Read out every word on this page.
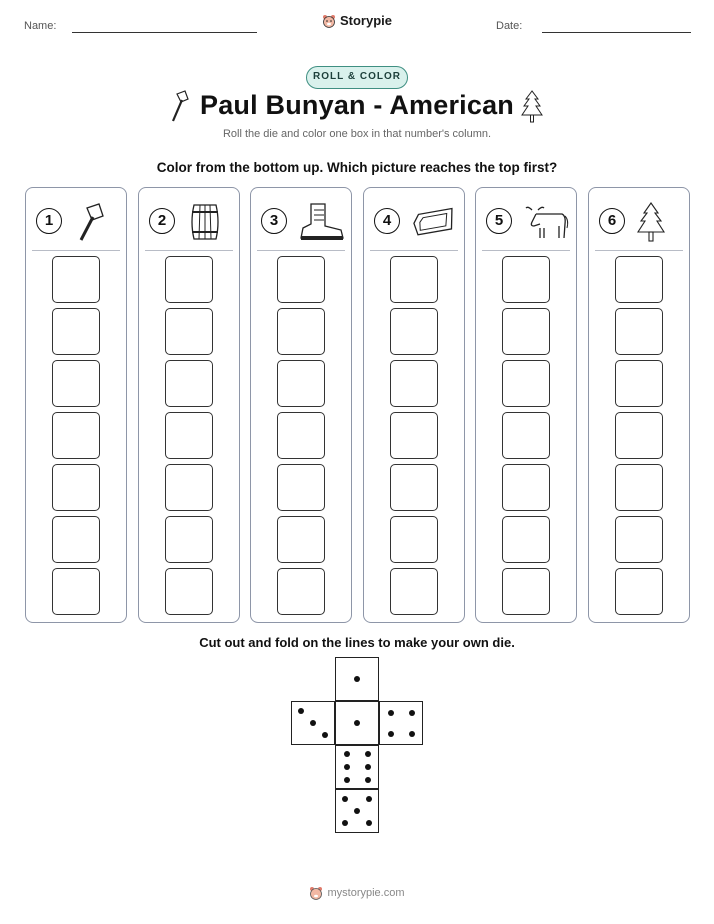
Name:	Date:
Storypie
ROLL & COLOR
Paul Bunyan - American
Roll the die and color one box in that number's column.
Color from the bottom up. Which picture reaches the top first?
1	2	3	4	5	6
Cut out and fold on the lines to make your own die.
mystorypie.com
